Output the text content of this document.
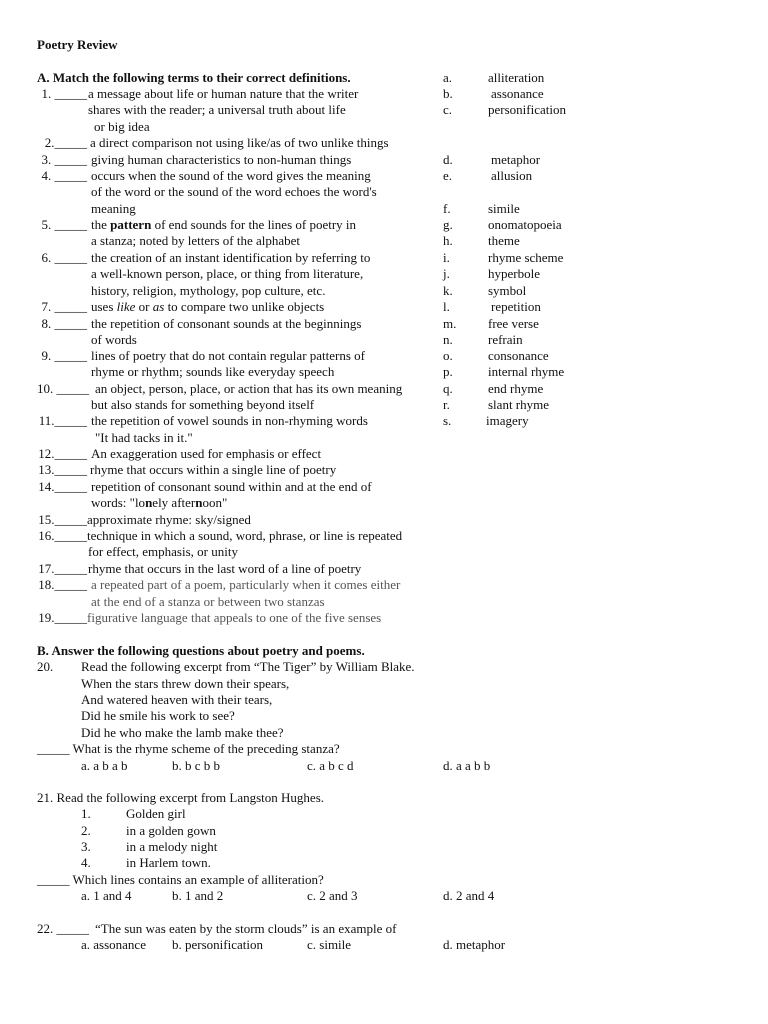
Poetry Review
A. Match the following terms to their correct definitions.
1. _____ a message about life or human nature that the writer
shares with the reader; a universal truth about life
or big idea
2._____ a direct comparison not using like/as of two unlike things
3. _____ giving human characteristics to non-human things
4. _____ occurs when the sound of the word gives the meaning
of the word or the sound of the word echoes the word's
meaning
5. _____ the pattern of end sounds for the lines of poetry in
a stanza; noted by letters of the alphabet
6. _____ the creation of an instant identification by referring to
a well-known person, place, or thing from literature,
history, religion, mythology, pop culture, etc.
7. _____ uses like or as to compare two unlike objects
8. _____ the repetition of consonant sounds at the beginnings
of words
9. _____ lines of poetry that do not contain regular patterns of
rhyme or rhythm; sounds like everyday speech
10. _____ an object, person, place, or action that has its own meaning
but also stands for something beyond itself
11._____ the repetition of vowel sounds in non-rhyming words
"It had tacks in it."
12._____ An exaggeration used for emphasis or effect
13._____ rhyme that occurs within a single line of poetry
14._____ repetition of consonant sound within and at the end of
words: "lonely afternoon"
15._____ approximate rhyme: sky/signed
16._____ technique in which a sound, word, phrase, or line is repeated
for effect, emphasis, or unity
17._____ rhyme that occurs in the last word of a line of poetry
18._____ a repeated part of a poem, particularly when it comes either
at the end of a stanza or between two stanzas
19._____ figurative language that appeals to one of the five senses
a.	alliteration
b.	assonance
c.	personification
d.	metaphor
e.	allusion
f.	simile
g.	onomatopoeia
h.	theme
i.	rhyme scheme
j.	hyperbole
k.	symbol
l.	repetition
m. free verse
n.	refrain
o.	consonance
p.	internal rhyme
q.	end rhyme
r.	slant rhyme
s.	imagery
B. Answer the following questions about poetry and poems.
20. Read the following excerpt from “The Tiger” by William Blake.
When the stars threw down their spears,
And watered heaven with their tears,
Did he smile his work to see?
Did he who make the lamb make thee?
_____ What is the rhyme scheme of the preceding stanza?
a. a b a b	b. b c b b	c. a b c d	d. a a b b
21. Read the following excerpt from Langston Hughes.
1.	Golden girl
2.	in a golden gown
3.	in a melody night
4.	in Harlem town.
_____ Which lines contains an example of alliteration?
a. 1 and 4	b. 1 and 2	c. 2 and 3	d. 2 and 4
22. _____ “The sun was eaten by the storm clouds” is an example of
a. assonance b. personification	c. simile	d. metaphor
